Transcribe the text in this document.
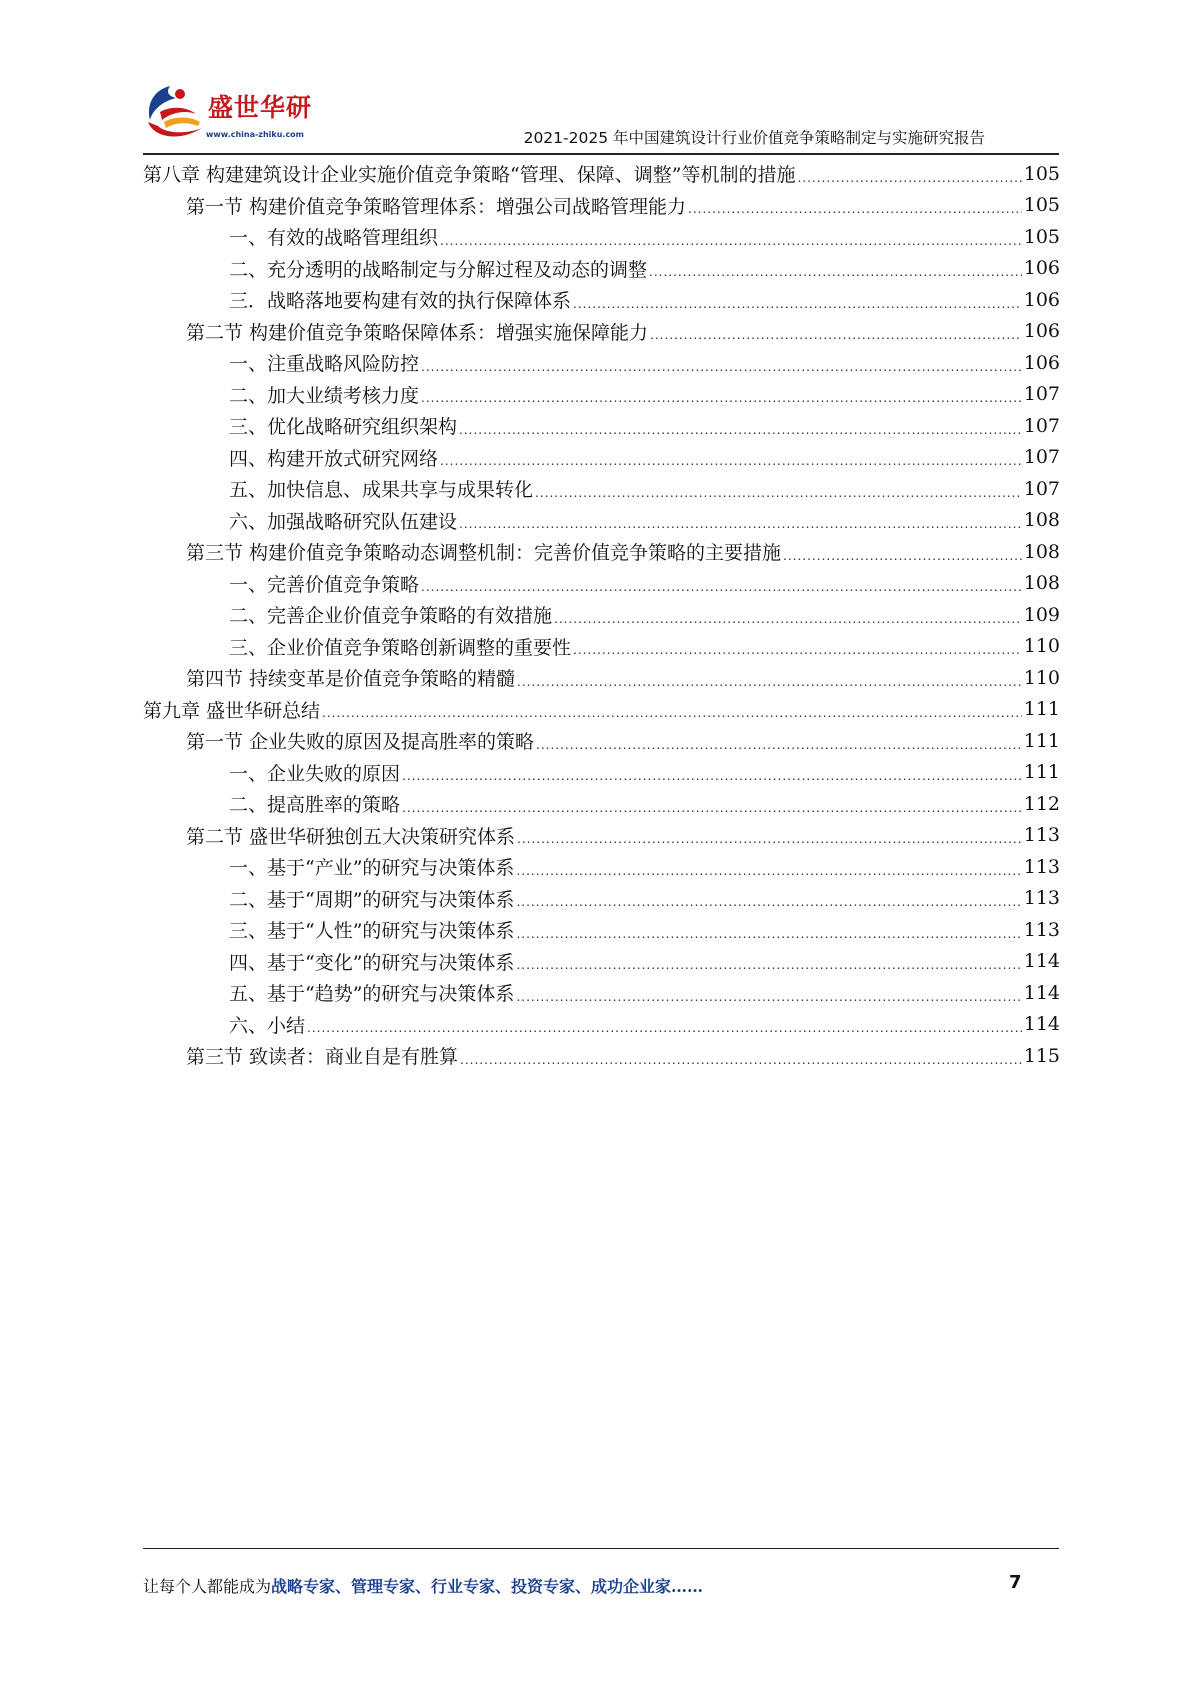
盛世华研
www.china-zhiku.com	2021-2025 年中国建筑设计行业价值竞争策略制定与实施研究报告
第八章 构建建筑设计企业实施价值竞争策略“管理、保障、调整”等机制的措施 .....	105
第一节 构建价值竞争策略管理体系：增强公司战略管理能力 .....	105
一、有效的战略管理组织 .....	105
二、充分透明的战略制定与分解过程及动态的调整 .....	106
三．战略落地要构建有效的执行保障体系 .....	106
第二节 构建价值竞争策略保障体系：增强实施保障能力 .....	106
一、注重战略风险防控 .....	106
二、加大业绩考核力度 .....	107
三、优化战略研究组织架构 .....	107
四、构建开放式研究网络 .....	107
五、加快信息、成果共享与成果转化 .....	107
六、加强战略研究队伍建设 .....	108
第三节 构建价值竞争策略动态调整机制：完善价值竞争策略的主要措施 .....	108
一、完善价值竞争策略 .....	108
二、完善企业价值竞争策略的有效措施 .....	109
三、企业价值竞争策略创新调整的重要性 .....	110
第四节 持续变革是价值竞争策略的精髓 .....	110
第九章 盛世华研总结 .....	111
第一节 企业失败的原因及提高胜率的策略 .....	111
一、企业失败的原因 .....	111
二、提高胜率的策略 .....	112
第二节 盛世华研独创五大决策研究体系 .....	113
一、基于“产业”的研究与决策体系 .....	113
二、基于“周期”的研究与决策体系 .....	113
三、基于“人性”的研究与决策体系 .....	113
四、基于“变化”的研究与决策体系 .....	114
五、基于“趋势”的研究与决策体系 .....	114
六、小结 .....	114
第三节 致读者：商业自是有胜算 .....	115
让每个人都能成为战略专家、管理专家、行业专家、投资专家、成功企业家……	7
